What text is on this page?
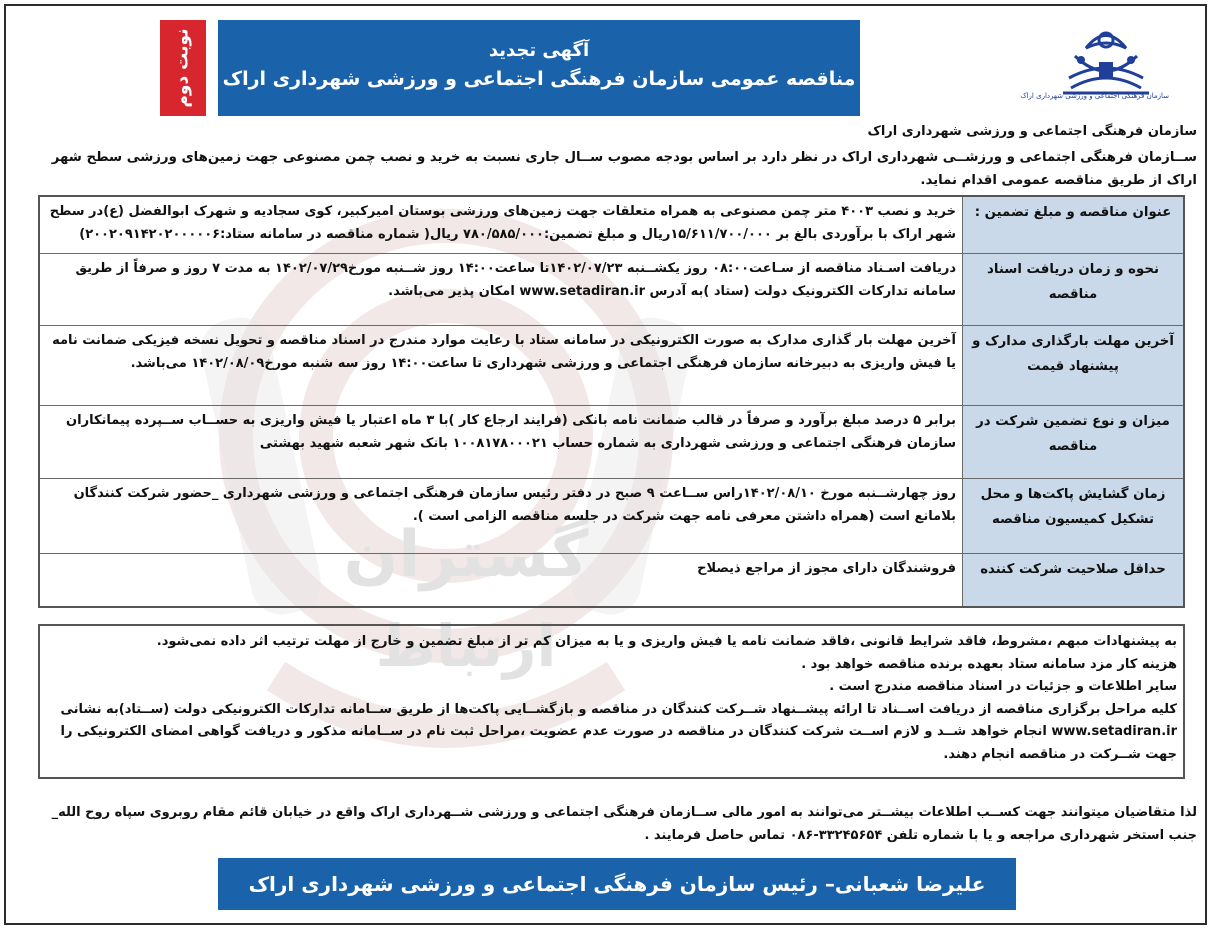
گستران
ارتباط
سازمان فرهنگی اجتماعی و ورزشی شهرداری اراک
آگهی تجدید
مناقصه عمومی سازمان فرهنگی اجتماعی و ورزشی شهرداری اراک
نوبت دوم
سازمان فرهنگی اجتماعی و ورزشی شهرداری اراک
ســازمان فرهنگی اجتماعی و ورزشــی شهرداری اراک در نظر دارد بر اساس بودجه مصوب ســال جاری نسبت به خرید و نصب چمن مصنوعی جهت زمین‌های ورزشی سطح شهر اراک از طریق مناقصه عمومی اقدام نماید.
عنوان مناقصه و مبلغ تضمین :	خرید و نصب ۴۰۰۳ متر چمن مصنوعی به همراه متعلقات جهت زمین‌های ورزشی بوستان امیرکبیر، کوی سجادیه و شهرک ابوالفضل (ع)در سطح شهر اراک با برآوردی بالغ بر ۱۵/۶۱۱/۷۰۰/۰۰۰ریال و مبلغ تضمین:۷۸۰/۵۸۵/۰۰۰ ریال( شماره مناقصه در سامانه ستاد:۲۰۰۲۰۹۱۴۲۰۲۰۰۰۰۰۶)
نحوه و زمان دریافت اسناد مناقصه	دریافت اسـناد مناقصه از سـاعت۰۸:۰۰ روز یکشــنبه ۱۴۰۲/۰۷/۲۳تا ساعت۱۴:۰۰ روز شــنبه مورخ۱۴۰۲/۰۷/۲۹ به مدت ۷ روز و صرفاً از طریق سامانه تدارکات الکترونیک دولت (ستاد )به آدرس www.setadiran.ir امکان پذیر می‌باشد.
آخرین مهلت بارگذاری مدارک و پیشنهاد قیمت	آخرین مهلت بار گذاری مدارک به صورت الکترونیکی در سامانه ستاد با رعایت موارد مندرج در اسناد مناقصه و تحویل نسخه فیزیکی ضمانت نامه یا فیش واریزی به دبیرخانه سازمان فرهنگی اجتماعی و ورزشی شهرداری تا ساعت۱۴:۰۰ روز سه شنبه مورخ۱۴۰۲/۰۸/۰۹ می‌باشد.
میزان و نوع تضمین شرکت در مناقصه	برابر ۵ درصد مبلغ برآورد و صرفاً در قالب ضمانت نامه بانکی (فرایند ارجاع کار )با ۳ ماه اعتبار یا فیش واریزی به حســاب ســپرده پیمانکاران سازمان فرهنگی اجتماعی و ورزشی شهرداری به شماره حساب ۱۰۰۸۱۷۸۰۰۰۲۱ بانک شهر شعبه شهید بهشتی
زمان گشایش پاکت‌ها و محل تشکیل کمیسیون مناقصه	روز چهارشــنبه مورخ ۱۴۰۲/۰۸/۱۰راس ســاعت ۹ صبح در دفتر رئیس سازمان فرهنگی اجتماعی و ورزشی شهرداری _حضور شرکت کنندگان بلامانع است (همراه داشتن معرفی نامه جهت شرکت در جلسه مناقصه الزامی است ).
حداقل صلاحیت شرکت کننده	فروشندگان دارای مجوز از مراجع ذیصلاح

به پیشنهادات مبهم ،مشروط، فاقد شرایط قانونی ،فاقد ضمانت نامه یا فیش واریزی و یا به میزان کم تر از مبلغ تضمین و خارج از مهلت ترتیب اثر داده نمی‌شود.

هزینه کار مزد سامانه ستاد بعهده برنده مناقصه خواهد بود .

سایر اطلاعات و جزئیات در اسناد مناقصه مندرج است .

کلیه مراحل برگزاری مناقصه از دریافت اســناد تا ارائه پیشــنهاد شــرکت کنندگان در مناقصه و بازگشــایی پاکت‌ها از طریق ســامانه تدارکات الکترونیکی دولت (ســتاد)به نشانی www.setadiran.ir انجام خواهد شــد و لازم اســت شرکت کنندگان در مناقصه در صورت عدم عضویت ،مراحل ثبت نام در ســامانه مذکور و دریافت گواهی امضای الکترونیکی را جهت شــرکت در مناقصه انجام دهند.

لذا متقاضیان میتوانند جهت کســب اطلاعات بیشــتر می‌توانند به امور مالی ســازمان فرهنگی اجتماعی و ورزشی شــهرداری اراک واقع در خیابان قائم مقام روبروی سپاه روح الله_ جنب استخر شهرداری مراجعه و یا با شماره تلفن ۳۳۲۴۵۶۵۴-۰۸۶ تماس حاصل فرمایند .
علیرضا شعبانی– رئیس سازمان فرهنگی اجتماعی و ورزشی شهرداری اراک
